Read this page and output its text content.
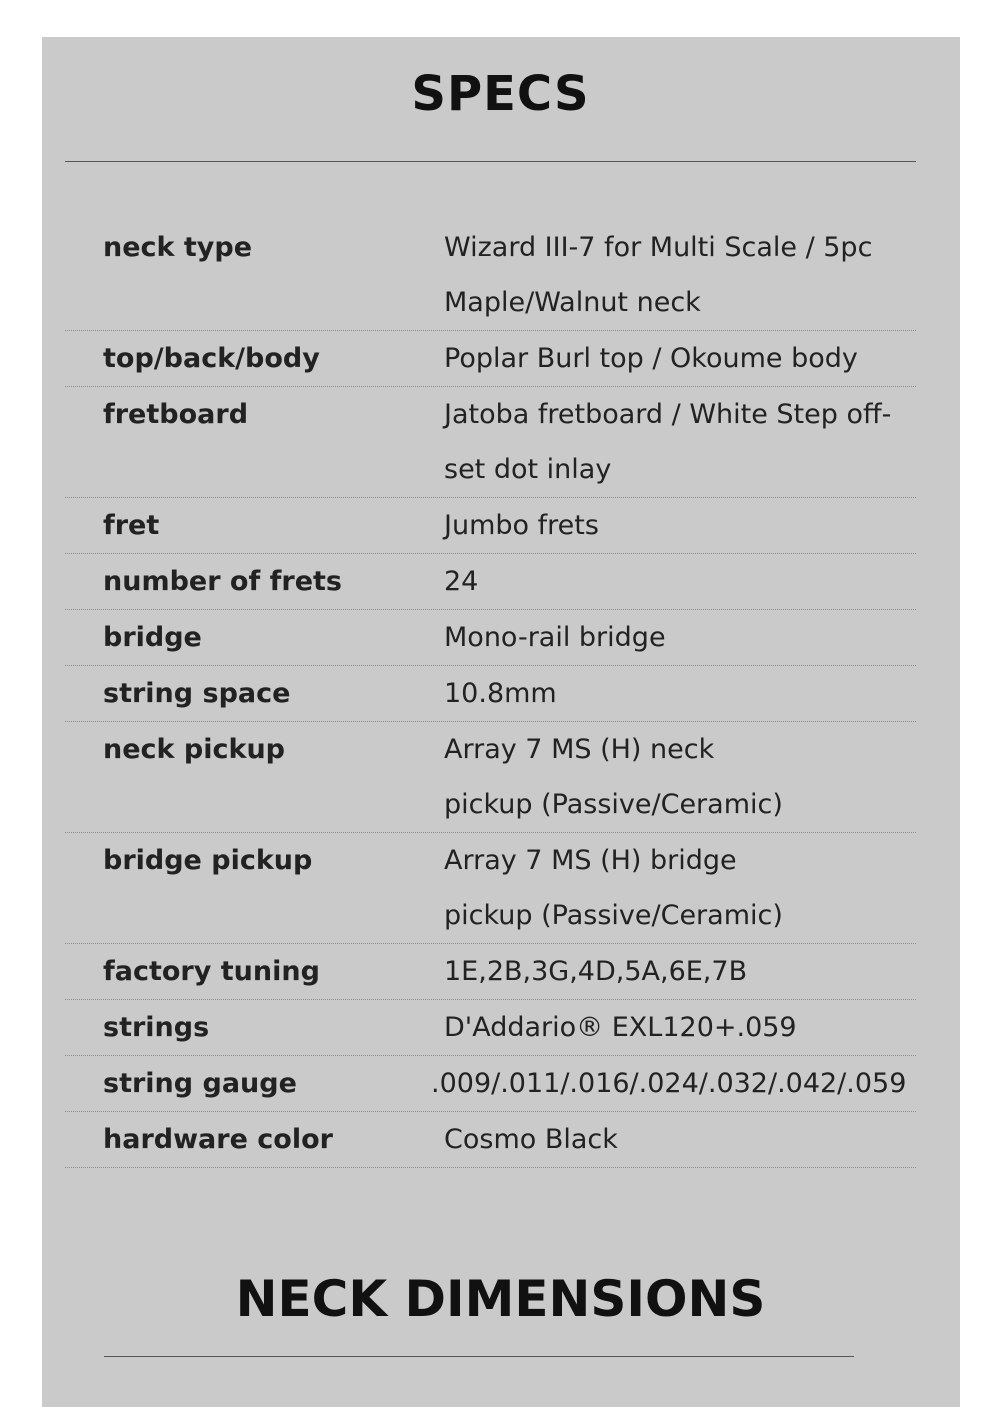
SPECS
neck type	Wizard III-7 for Multi Scale / 5pc
Maple/Walnut neck
top/back/body	Poplar Burl top / Okoume body
fretboard	Jatoba fretboard / White Step off-
set dot inlay
fret	Jumbo frets
number of frets	24
bridge	Mono-rail bridge
string space	10.8mm
neck pickup	Array 7 MS (H) neck
pickup (Passive/Ceramic)
bridge pickup	Array 7 MS (H) bridge
pickup (Passive/Ceramic)
factory tuning	1E,2B,3G,4D,5A,6E,7B
strings	D'Addario® EXL120+.059
string gauge	.009/.011/.016/.024/.032/.042/.059
hardware color	Cosmo Black
NECK DIMENSIONS
